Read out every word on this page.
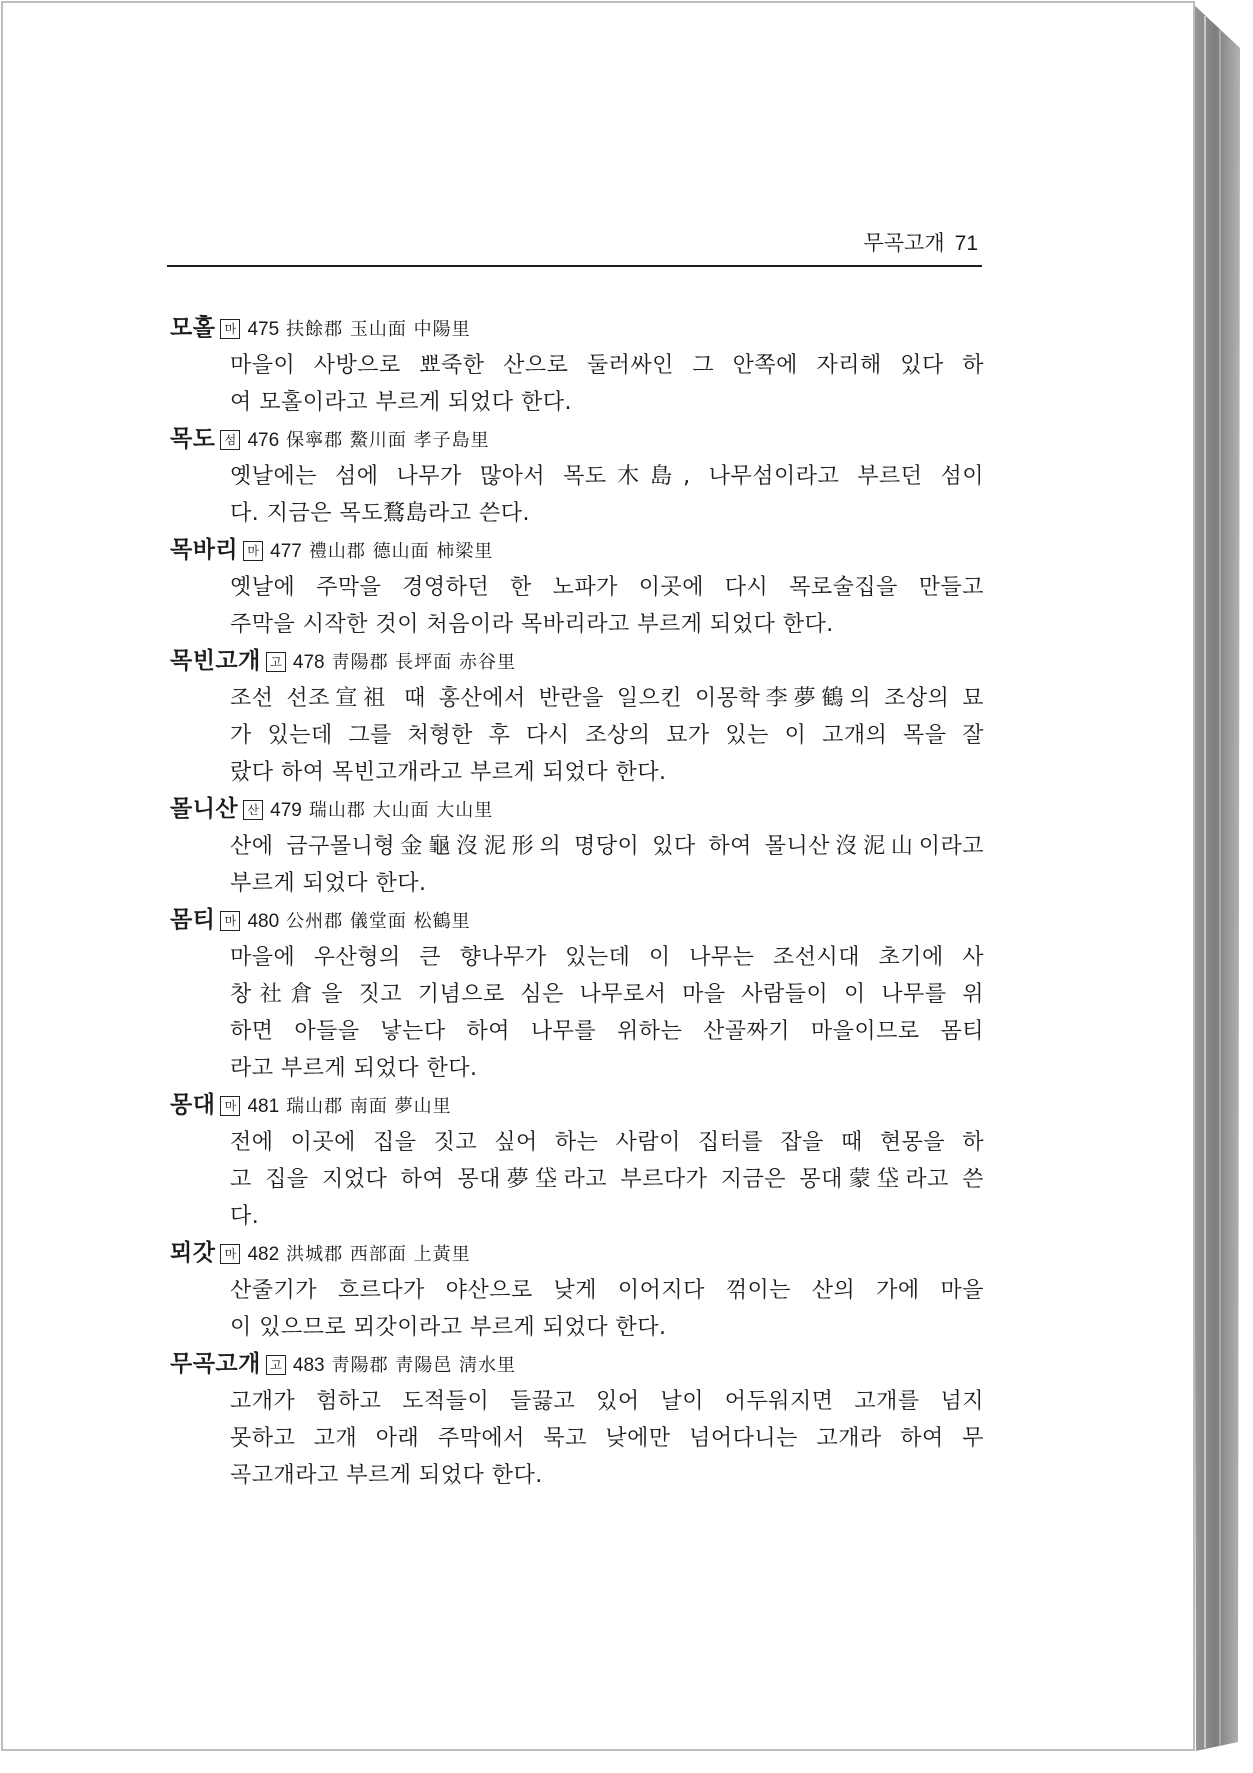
무곡고개 71
모홀 마 475 扶餘郡 玉山面 中陽里
마을이 사방으로 뾰죽한 산으로 둘러싸인 그 안쪽에 자리해 있다 하
여 모홀이라고 부르게 되었다 한다.
목도 섬 476 保寧郡 鰲川面 孝子島里
옛날에는 섬에 나무가 많아서 목도木島, 나무섬이라고 부르던 섬이
다. 지금은 목도鶩島라고 쓴다.
목바리 마 477 禮山郡 德山面 柿梁里
옛날에 주막을 경영하던 한 노파가 이곳에 다시 목로술집을 만들고
주막을 시작한 것이 처음이라 목바리라고 부르게 되었다 한다.
목빈고개 고 478 靑陽郡 長坪面 赤谷里
조선 선조宣祖 때 홍산에서 반란을 일으킨 이몽학李夢鶴의 조상의 묘
가 있는데 그를 처형한 후 다시 조상의 묘가 있는 이 고개의 목을 잘
랐다 하여 목빈고개라고 부르게 되었다 한다.
몰니산 산 479 瑞山郡 大山面 大山里
산에 금구몰니형金龜沒泥形의 명당이 있다 하여 몰니산沒泥山이라고
부르게 되었다 한다.
몸티 마 480 公州郡 儀堂面 松鶴里
마을에 우산형의 큰 향나무가 있는데 이 나무는 조선시대 초기에 사
창社倉을 짓고 기념으로 심은 나무로서 마을 사람들이 이 나무를 위
하면 아들을 낳는다 하여 나무를 위하는 산골짜기 마을이므로 몸티
라고 부르게 되었다 한다.
몽대 마 481 瑞山郡 南面 夢山里
전에 이곳에 집을 짓고 싶어 하는 사람이 집터를 잡을 때 현몽을 하
고 집을 지었다 하여 몽대夢垈라고 부르다가 지금은 몽대蒙垈라고 쓴
다.
뫼갓 마 482 洪城郡 西部面 上黃里
산줄기가 흐르다가 야산으로 낮게 이어지다 꺾이는 산의 가에 마을
이 있으므로 뫼갓이라고 부르게 되었다 한다.
무곡고개 고 483 靑陽郡 靑陽邑 淸水里
고개가 험하고 도적들이 들끓고 있어 날이 어두워지면 고개를 넘지
못하고 고개 아래 주막에서 묵고 낮에만 넘어다니는 고개라 하여 무
곡고개라고 부르게 되었다 한다.
